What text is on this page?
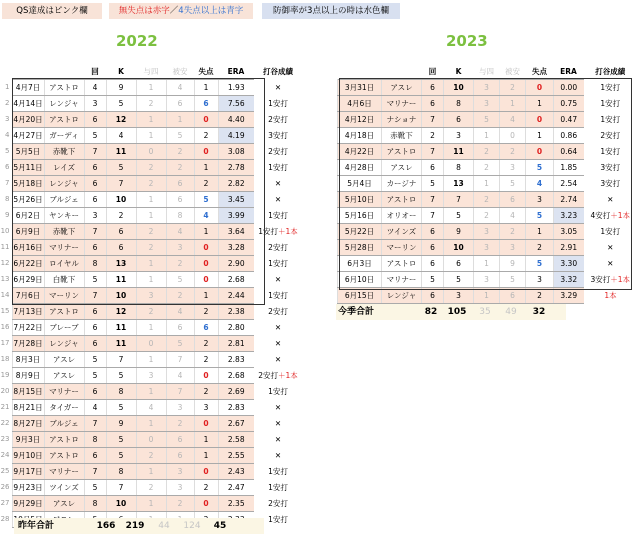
QS達成はピンク欄	無失点は赤字／4失点以上は青字	防御率が3点以上の時は水色欄
2022	2023
			回	K	与四	被安	失点	ERA	打谷成績	
1	4月7日	アストロ	4	9	1	4	1	1.93	✕	
2	4月14日	レンジャ	3	5	2	6	6	7.56	1安打	
3	4月20日	アストロ	6	12	1	1	0	4.40	2安打	
4	4月27日	ガーディ	5	4	1	5	2	4.19	3安打	
5	5月5日	赤靴下	7	11	0	2	0	3.08	2安打	
6	5月11日	レイズ	6	5	2	2	1	2.78	1安打	
7	5月18日	レンジャ	6	7	2	6	2	2.82	✕	
8	5月26日	ブルジェ	6	10	1	6	5	3.45	✕	
9	6月2日	ヤンキー	3	2	1	8	4	3.99	1安打	
10	6月9日	赤靴下	7	6	2	4	1	3.64	1安打＋1本	
11	6月16日	マリナー	6	6	2	3	0	3.28	2安打	
12	6月22日	ロイヤル	8	13	1	2	0	2.90	1安打	
13	6月29日	白靴下	5	11	1	5	0	2.68	✕	
14	7月6日	マーリン	7	10	3	2	1	2.44	1安打	
15	7月13日	アストロ	6	12	2	4	2	2.38	2安打	
16	7月22日	ブレーブ	6	11	1	6	6	2.80	✕	
17	7月28日	レンジャ	6	11	0	5	2	2.81	✕	
18	8月3日	アスレ	5	7	1	7	2	2.83	✕	
19	8月9日	アスレ	5	5	3	4	0	2.68	2安打＋1本	
20	8月15日	マリナー	6	8	1	7	2	2.69	1安打	
21	8月21日	タイガー	4	5	4	3	3	2.83	✕	
22	8月27日	ブルジェ	7	9	1	2	0	2.67	✕	
23	9月3日	アストロ	8	5	0	6	1	2.58	✕	
24	9月10日	アストロ	6	5	2	6	1	2.55	✕	
25	9月17日	マリナー	7	8	1	3	0	2.43	1安打	
26	9月23日	ツインズ	5	7	2	3	2	2.47	1安打	
27	9月29日	アスレ	8	10	1	2	0	2.35	2安打	
28									1安打	
		回	K	与四	被安	失点	ERA	打谷成績
3月31日	アスレ	6	10	3	2	0	0.00	1安打
4月6日	マリナー	6	8	3	1	1	0.75	1安打
4月12日	ナショナ	7	6	5	4	0	0.47	1安打
4月18日	赤靴下	2	3	1	0	1	0.86	2安打
4月22日	アストロ	7	11	2	2	0	0.64	1安打
4月28日	アスレ	6	8	2	3	5	1.85	3安打
5月4日	カージナ	5	13	1	5	4	2.54	3安打
5月10日	アストロ	7	7	2	6	3	2.74	✕
5月16日	オリオー	7	5	2	4	5	3.23	4安打＋1本
5月22日	ツインズ	6	9	3	2	1	3.05	1安打
5月28日	マーリン	6	10	3	3	2	2.91	✕
6月3日	アストロ	6	6	1	9	5	3.30	✕
6月10日	マリナー	5	5	3	5	3	3.32	3安打＋1本
6月15日	レンジャ	6	3	1	6	2	3.29	1本
昨年合計	166	219	44	124	45
今季合計	82	105	35	49	32
